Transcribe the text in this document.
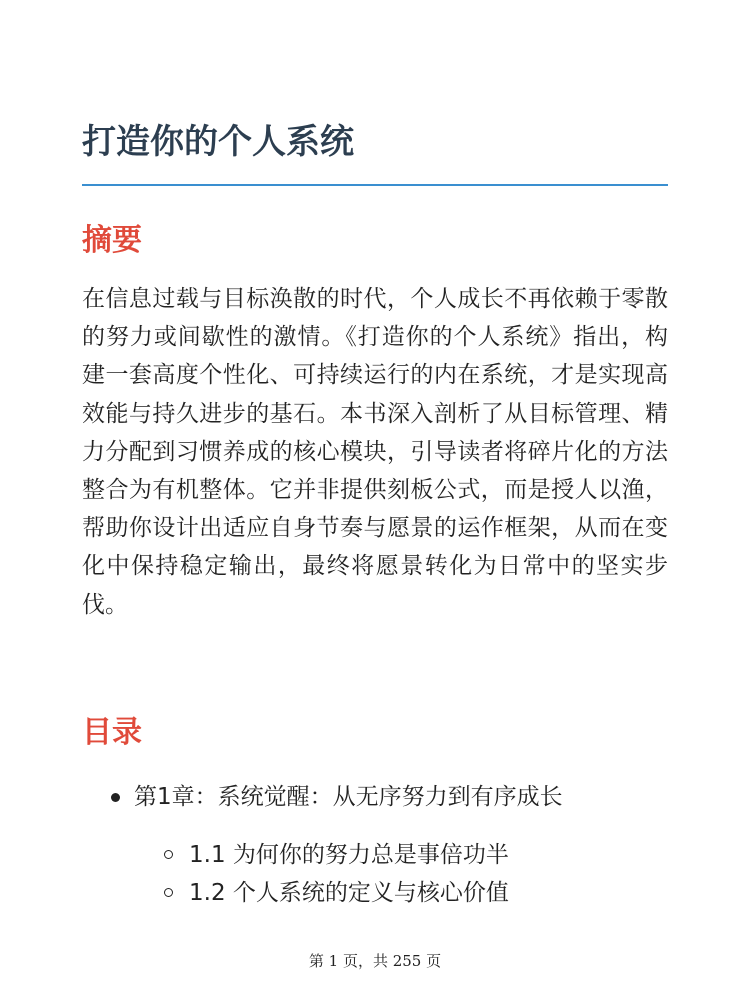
打造你的个人系统
摘要

在信息过载与目标涣散的时代，个人成长不再依赖于零散的努力或间歇性的激情。《打造你的个人系统》指出，构建一套高度个性化、可持续运行的内在系统，才是实现高效能与持久进步的基石。本书深入剖析了从目标管理、精力分配到习惯养成的核心模块，引导读者将碎片化的方法整合为有机整体。它并非提供刻板公式，而是授人以渔，帮助你设计出适应自身节奏与愿景的运作框架，从而在变化中保持稳定输出，最终将愿景转化为日常中的坚实步伐。

目录
第1章：系统觉醒：从无序努力到有序成长
1.1 为何你的努力总是事倍功半
1.2 个人系统的定义与核心价值
第 1 页，共 255 页
